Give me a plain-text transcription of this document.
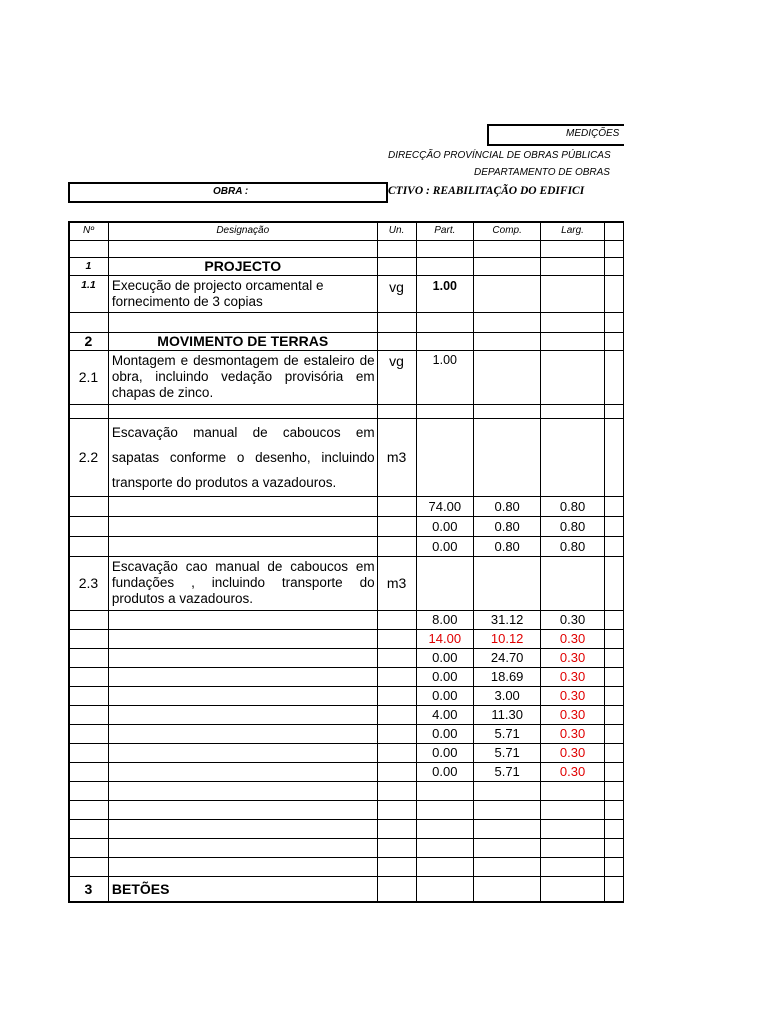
MEDIÇÕES
DIRECÇÃO PROVÍNCIAL DE OBRAS PÚBLICAS
DEPARTAMENTO DE OBRAS
OBRA :	CTIVO : REABILITAÇÃO DO EDIFICI
Nº	Designação	Un.	Part.	Comp.	Larg.	

1	PROJECTO					
1.1	Execução de projecto orcamental e fornecimento de 3 copias	vg	1.00			

2	MOVIMENTO DE TERRAS					
2.1	Montagem e desmontagem de estaleiro de obra, incluindo vedação provisória em chapas de zinco.	vg	1.00			

2.2	Escavação manual de caboucos em sapatas conforme o desenho, incluindo transporte do produtos a vazadouros.	m3				
			74.00	0.80	0.80	
			0.00	0.80	0.80	
			0.00	0.80	0.80	
2.3	Escavação cao manual de caboucos em fundações , incluindo transporte do produtos a vazadouros.	m3				
			8.00	31.12	0.30	
			14.00	10.12	0.30	
			0.00	24.70	0.30	
			0.00	18.69	0.30	
			0.00	3.00	0.30	
			4.00	11.30	0.30	
			0.00	5.71	0.30	
			0.00	5.71	0.30	
			0.00	5.71	0.30	

3	BETÕES					
